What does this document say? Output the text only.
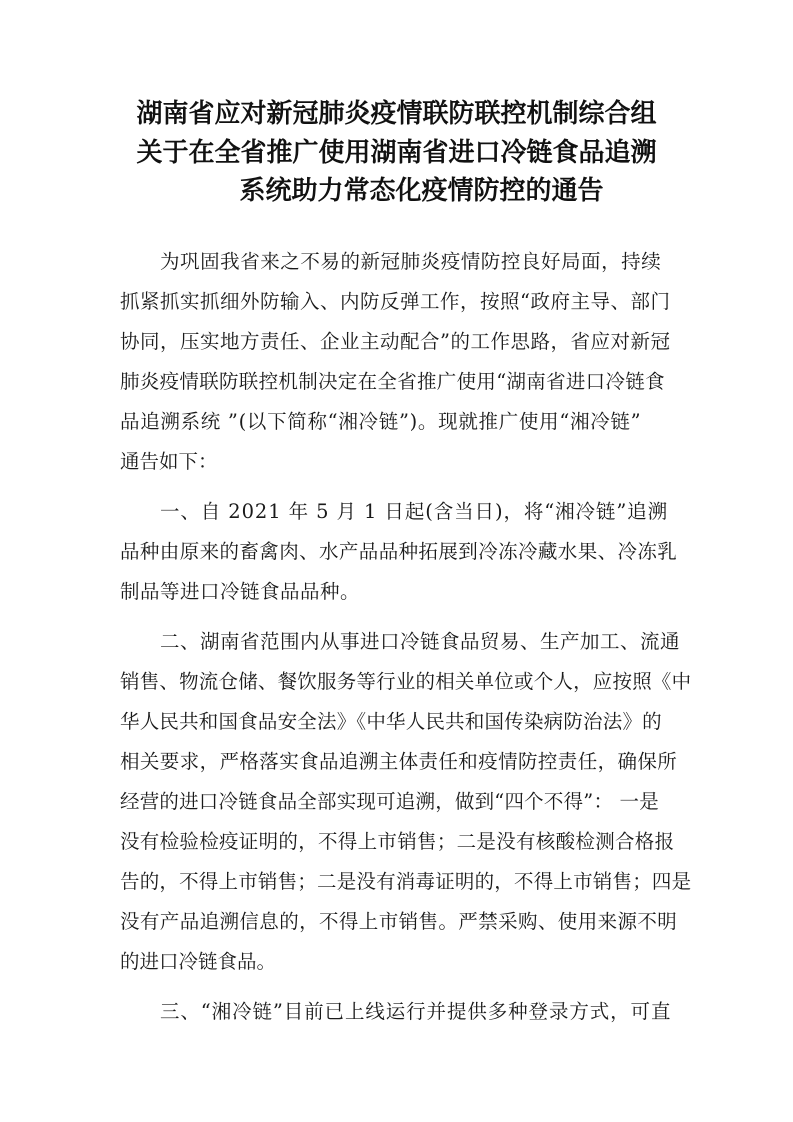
湖南省应对新冠肺炎疫情联防联控机制综合组
关于在全省推广使用湖南省进口冷链食品追溯
系统助力常态化疫情防控的通告
为巩固我省来之不易的新冠肺炎疫情防控良好局面，持续
抓紧抓实抓细外防输入、内防反弹工作，按照“政府主导、部门
协同，压实地方责任、企业主动配合”的工作思路，省应对新冠
肺炎疫情联防联控机制决定在全省推广使用“湖南省进口冷链食
品追溯系统 ”(以下简称“湘冷链”)。现就推广使用“湘冷链”
通告如下：
一、自 2021 年 5 月 1 日起(含当日)，将“湘冷链”追溯
品种由原来的畜禽肉、水产品品种拓展到冷冻冷藏水果、冷冻乳
制品等进口冷链食品品种。
二、湖南省范围内从事进口冷链食品贸易、生产加工、流通
销售、物流仓储、餐饮服务等行业的相关单位或个人，应按照《中
华人民共和国食品安全法》《中华人民共和国传染病防治法》的
相关要求，严格落实食品追溯主体责任和疫情防控责任，确保所
经营的进口冷链食品全部实现可追溯，做到“四个不得”： 一是
没有检验检疫证明的，不得上市销售；二是没有核酸检测合格报
告的，不得上市销售；二是没有消毒证明的，不得上市销售；四是
没有产品追溯信息的，不得上市销售。严禁采购、使用来源不明
的进口冷链食品。
三、“湘冷链”目前已上线运行并提供多种登录方式，可直
